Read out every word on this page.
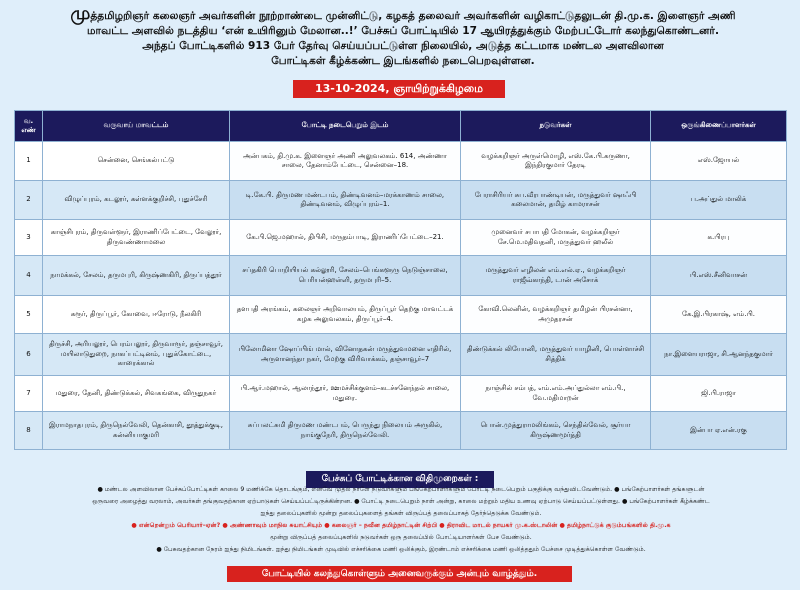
முத்தமிழறிஞர் கலைஞர் அவர்களின் நூற்றாண்டை முன்னிட்டு, கழகத் தலைவர் அவர்களின் வழிகாட்டுதலுடன் தி.மு.க. இளைஞர் அணி

மாவட்ட அளவில் நடத்திய ‘என் உயிரினும் மேலான..!’ பேச்சுப் போட்டியில் 17 ஆயிரத்துக்கும் மேற்பட்டோர் கலந்துகொண்டனர்.

அந்தப் போட்டிகளில் 913 பேர் தேர்வு செய்யப்பட்டுள்ள நிலையில், அடுத்த கட்டமாக மண்டல அளவிலான

போட்டிகள் கீழ்க்கண்ட இடங்களில் நடைபெறவுள்ளன.

13-10-2024, ஞாயிற்றுக்கிழமை
வ. எண்	வருவாய் மாவட்டம்	போட்டி நடைபெறும் இடம்	நடுவர்கள்	ஒருங்கிணைப்பாளர்கள்
1	சென்னை, செங்கல்பட்டு	அன்பகம், தி.மு.க. இளைஞர் அணி அலுவலகம். 614, அண்ணா சாலை, தேனாம்பேட்டை, சென்னை–18.	வழக்கறிஞர் அருள்மொழி, எஸ்.கே.பி.கருணா, இந்திரகுமார் தேரடி	எஸ்.ஜோயல்
2	விழுப்புரம், கடலூர், கள்ளக்குறிச்சி, புதுச்சேரி	டி.கே.பி. திருமண மண்டபம், திண்டிவனம்–மரக்காணம் சாலை, திண்டிவனம், விழுப்புரம்–1.	பேராசிரியர் சுப.வீரபாண்டியன், மருத்துவர் ஷாஃபி கலைமான், தமிழ் காமராசன்	ப.அப்துல் மாலிக்
3	காஞ்சிபுரம், திருவள்ளூர், இராணிப்பேட்டை, வேலூர், திருவண்ணாமலை	கே.பி.ஜெ.மஹால், திபிசி, மருதம்பாடி, இராணிப்பேட்டை–21.	முனைவர் சபாபதி மோகன், வழக்கறிஞர் சே.மெ.மதிவதனி, மருத்துவர் ஹலீல்	க.பிரபு
4	நாமக்கல், சேலம், தருமபுரி, கிருஷ்ணகிரி, திருப்பத்தூர்	சப்தகிரி பொறியியல் கல்லூரி, சேலம்–பெங்களூரு நெடுஞ்சாலை, பெரியன்ஹள்ளி, தருமபுரி–5.	மருத்துவர் எழிலன் எம்.எல்.ஏ., வழக்கறிஞர் ராஜீவ்காந்தி, டான் அசோக்	பி.எஸ்.சீனிவாசன்
5	கரூர், திருப்பூர், கோவை, ஈரோடு, நீலகிரி	தளபதி அரங்கம், கலைஞர் அறிவாலயம், திருப்பூர் தெற்கு மாவட்டக் கழக அலுவலகம், திருப்பூர்–4.	கோவி.லெனின், வழக்கறிஞர் தமிழன் பிரசன்னா, அமுதரசன்	கே.இ.பிரகாஷ், எம்.பி.
6	திருச்சி, அரியலூர், பெரம்பலூர், திருவாரூர், தஞ்சாவூர், மயிலாடுதுறை, நாகப்பட்டினம், புதுக்கோட்டை, காரைக்கால்	பிலோமினா ஷோப்பிங் மால், வினோதகன் மருத்துவமனை எதிரில், அருளானந்தா நகர், மேற்கு விரிவாக்கம், தஞ்சாவூர்–7	திண்டுக்கல் லியோனி, மருத்துவர் யாழினி, பொள்ளாச்சி சித்திக்	நா.இளையராஜா, சி.ஆனந்தகுமார்
7	மதுரை, தேனி, திண்டுக்கல், சிவகங்கை, விருதுநகர்	பி.ஆர்.மஹால், ஆலாந்தூர், ஊமச்சிக்குளம்–கடச்சனேந்தல் சாலை, மதுரை.	நாஞ்சில் சம்பத், எம்.எம்.அப்துல்லா எம்.பி., வே.மதிமாறன்	ஜி.பி.ராஜா
8	இராமநாதபுரம், திருநெல்வேலி, தென்காசி, தூத்துக்குடி, கன்னியாகுமரி	சுப்பலட்சுமி திருமண மண்டபம், பெருந்து நிலையம் அருகில், நாங்குநேரி, திருநெல்வேலி.	பொன்.முத்துராமலிங்கம், செந்தில்வேல், சூர்யா கிருஷ்ணமூர்த்தி	இன்பா ஏ.என்.ரகு
பேச்சுப் போட்டிக்கான விதிமுறைகள் :
● மண்டல அளவிலான பேச்சுப்போட்டிகள் காலை 9 மணிக்கே தொடங்கும், எனவே முதல் நாளே நடுவர்களும் பங்கேற்பாளர்களும் போட்டி நடைபெறும் பகுதிக்கு வந்துவிடவேண்டும். ● பங்கேற்பாளர்கள் தங்களுடன்
ஒருவரை அழைத்து வரலாம், அவர்கள் தங்குவதற்கான ஏற்பாடுகள் செய்யப்பட்டிருக்கின்றன. ● போட்டி நடைபெறும் நாள் அன்று, காலை மற்றும் மதிய உணவு ஏற்பாடு செய்யப்பட்டுள்ளது. ● பங்கேற்பாளர்கள் கீழ்க்கண்ட
ஐந்து தலைப்புகளில் மூன்று தலைப்புகளைத் தங்கள் விருப்பத் தலைப்பாகத் தேர்ந்தெடுக்க வேண்டும்.
● என்றென்றும் பெரியார்–ஏன்? ● அண்ணாவும் மாநில சுயாட்சியும் ● கலைஞர் – நவீன தமிழ்நாட்டின் சிற்பி ● திராவிட மாடல் நாயகர் மு.க.ஸ்டாலின் ● தமிழ்நாட்டுக் குடும்பங்களில் தி.மு.க
மூன்று விருப்பத் தலைப்புகளில் நடுவர்கள் ஒரு தலைப்பில் போட்டியாளர்கள் பேச வேண்டும்.
● பேசுவதற்கான நேரம் ஐந்து நிமிடங்கள். ஐந்து நிமிடங்கள் முடிவில் எச்சரிக்கை மணி ஒலிக்கும், இரண்டாம் எச்சரிக்கை மணி ஒலித்ததும் பேச்சை முடித்துக்கொள்ள வேண்டும்.
போட்டியில் கலந்துகொள்ளும் அனைவருக்கும் அன்பும் வாழ்த்தும்.
